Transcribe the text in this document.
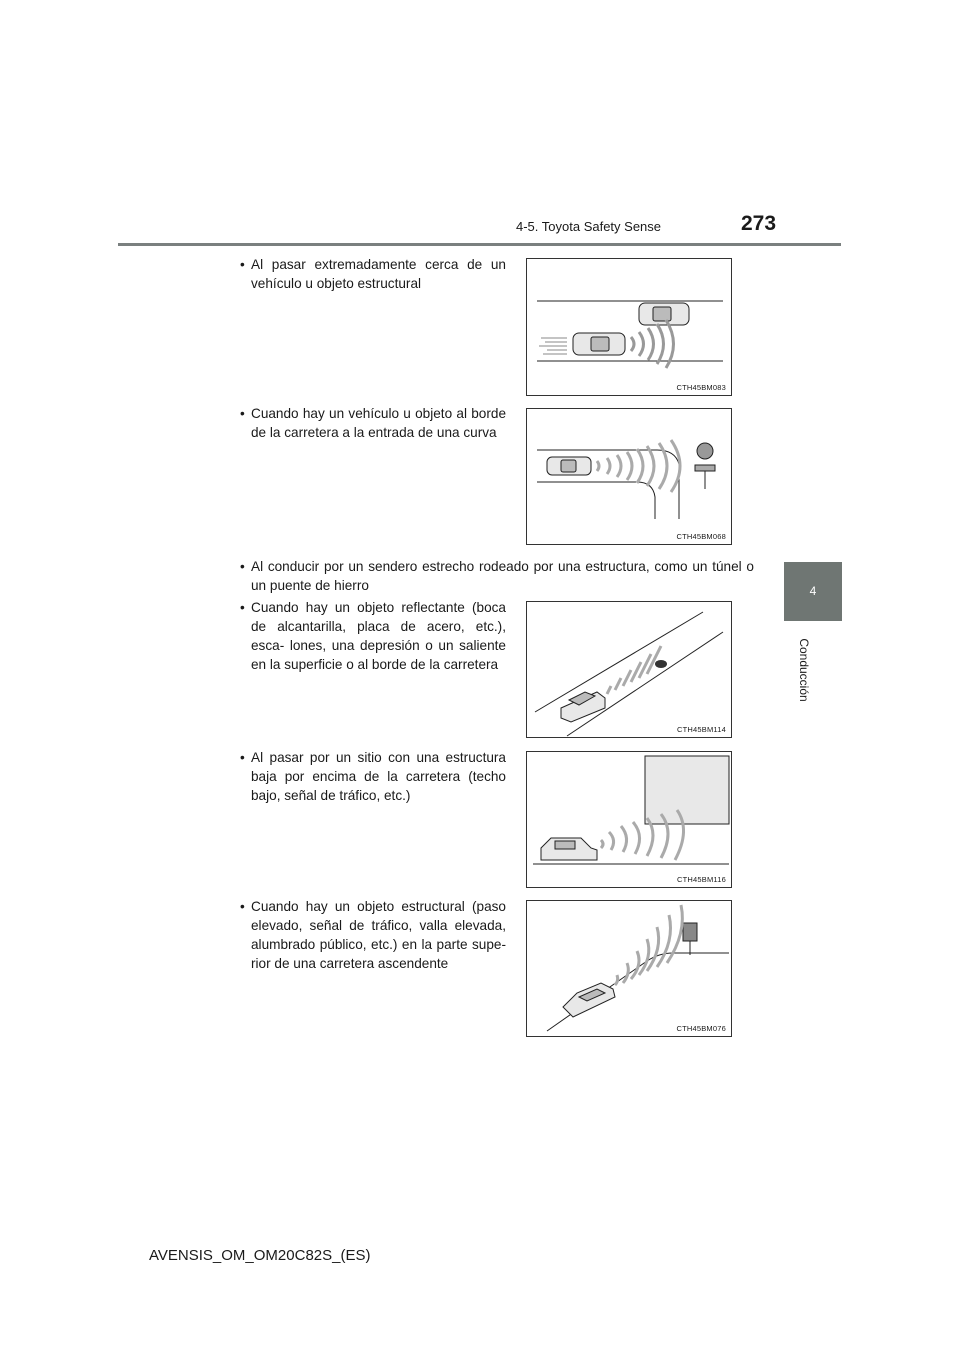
4-5. Toyota Safety Sense	273
4
Conducción
• Al pasar extremadamente cerca de un vehículo u objeto estructural
CTH45BM083
• Cuando hay un vehículo u objeto al borde de la carretera a la entrada de una curva
CTH45BM068
• Al conducir por un sendero estrecho rodeado por una estructura, como un túnel o un puente de hierro
• Cuando hay un objeto reflectante (boca de alcantarilla, placa de acero, etc.), esca- lones, una depresión o un saliente en la superficie o al borde de la carretera
CTH45BM114
• Al pasar por un sitio con una estructura baja por encima de la carretera (techo bajo, señal de tráfico, etc.)
CTH45BM116
• Cuando hay un objeto estructural (paso elevado, señal de tráfico, valla elevada, alumbrado público, etc.) en la parte supe- rior de una carretera ascendente
CTH45BM076
AVENSIS_OM_OM20C82S_(ES)
